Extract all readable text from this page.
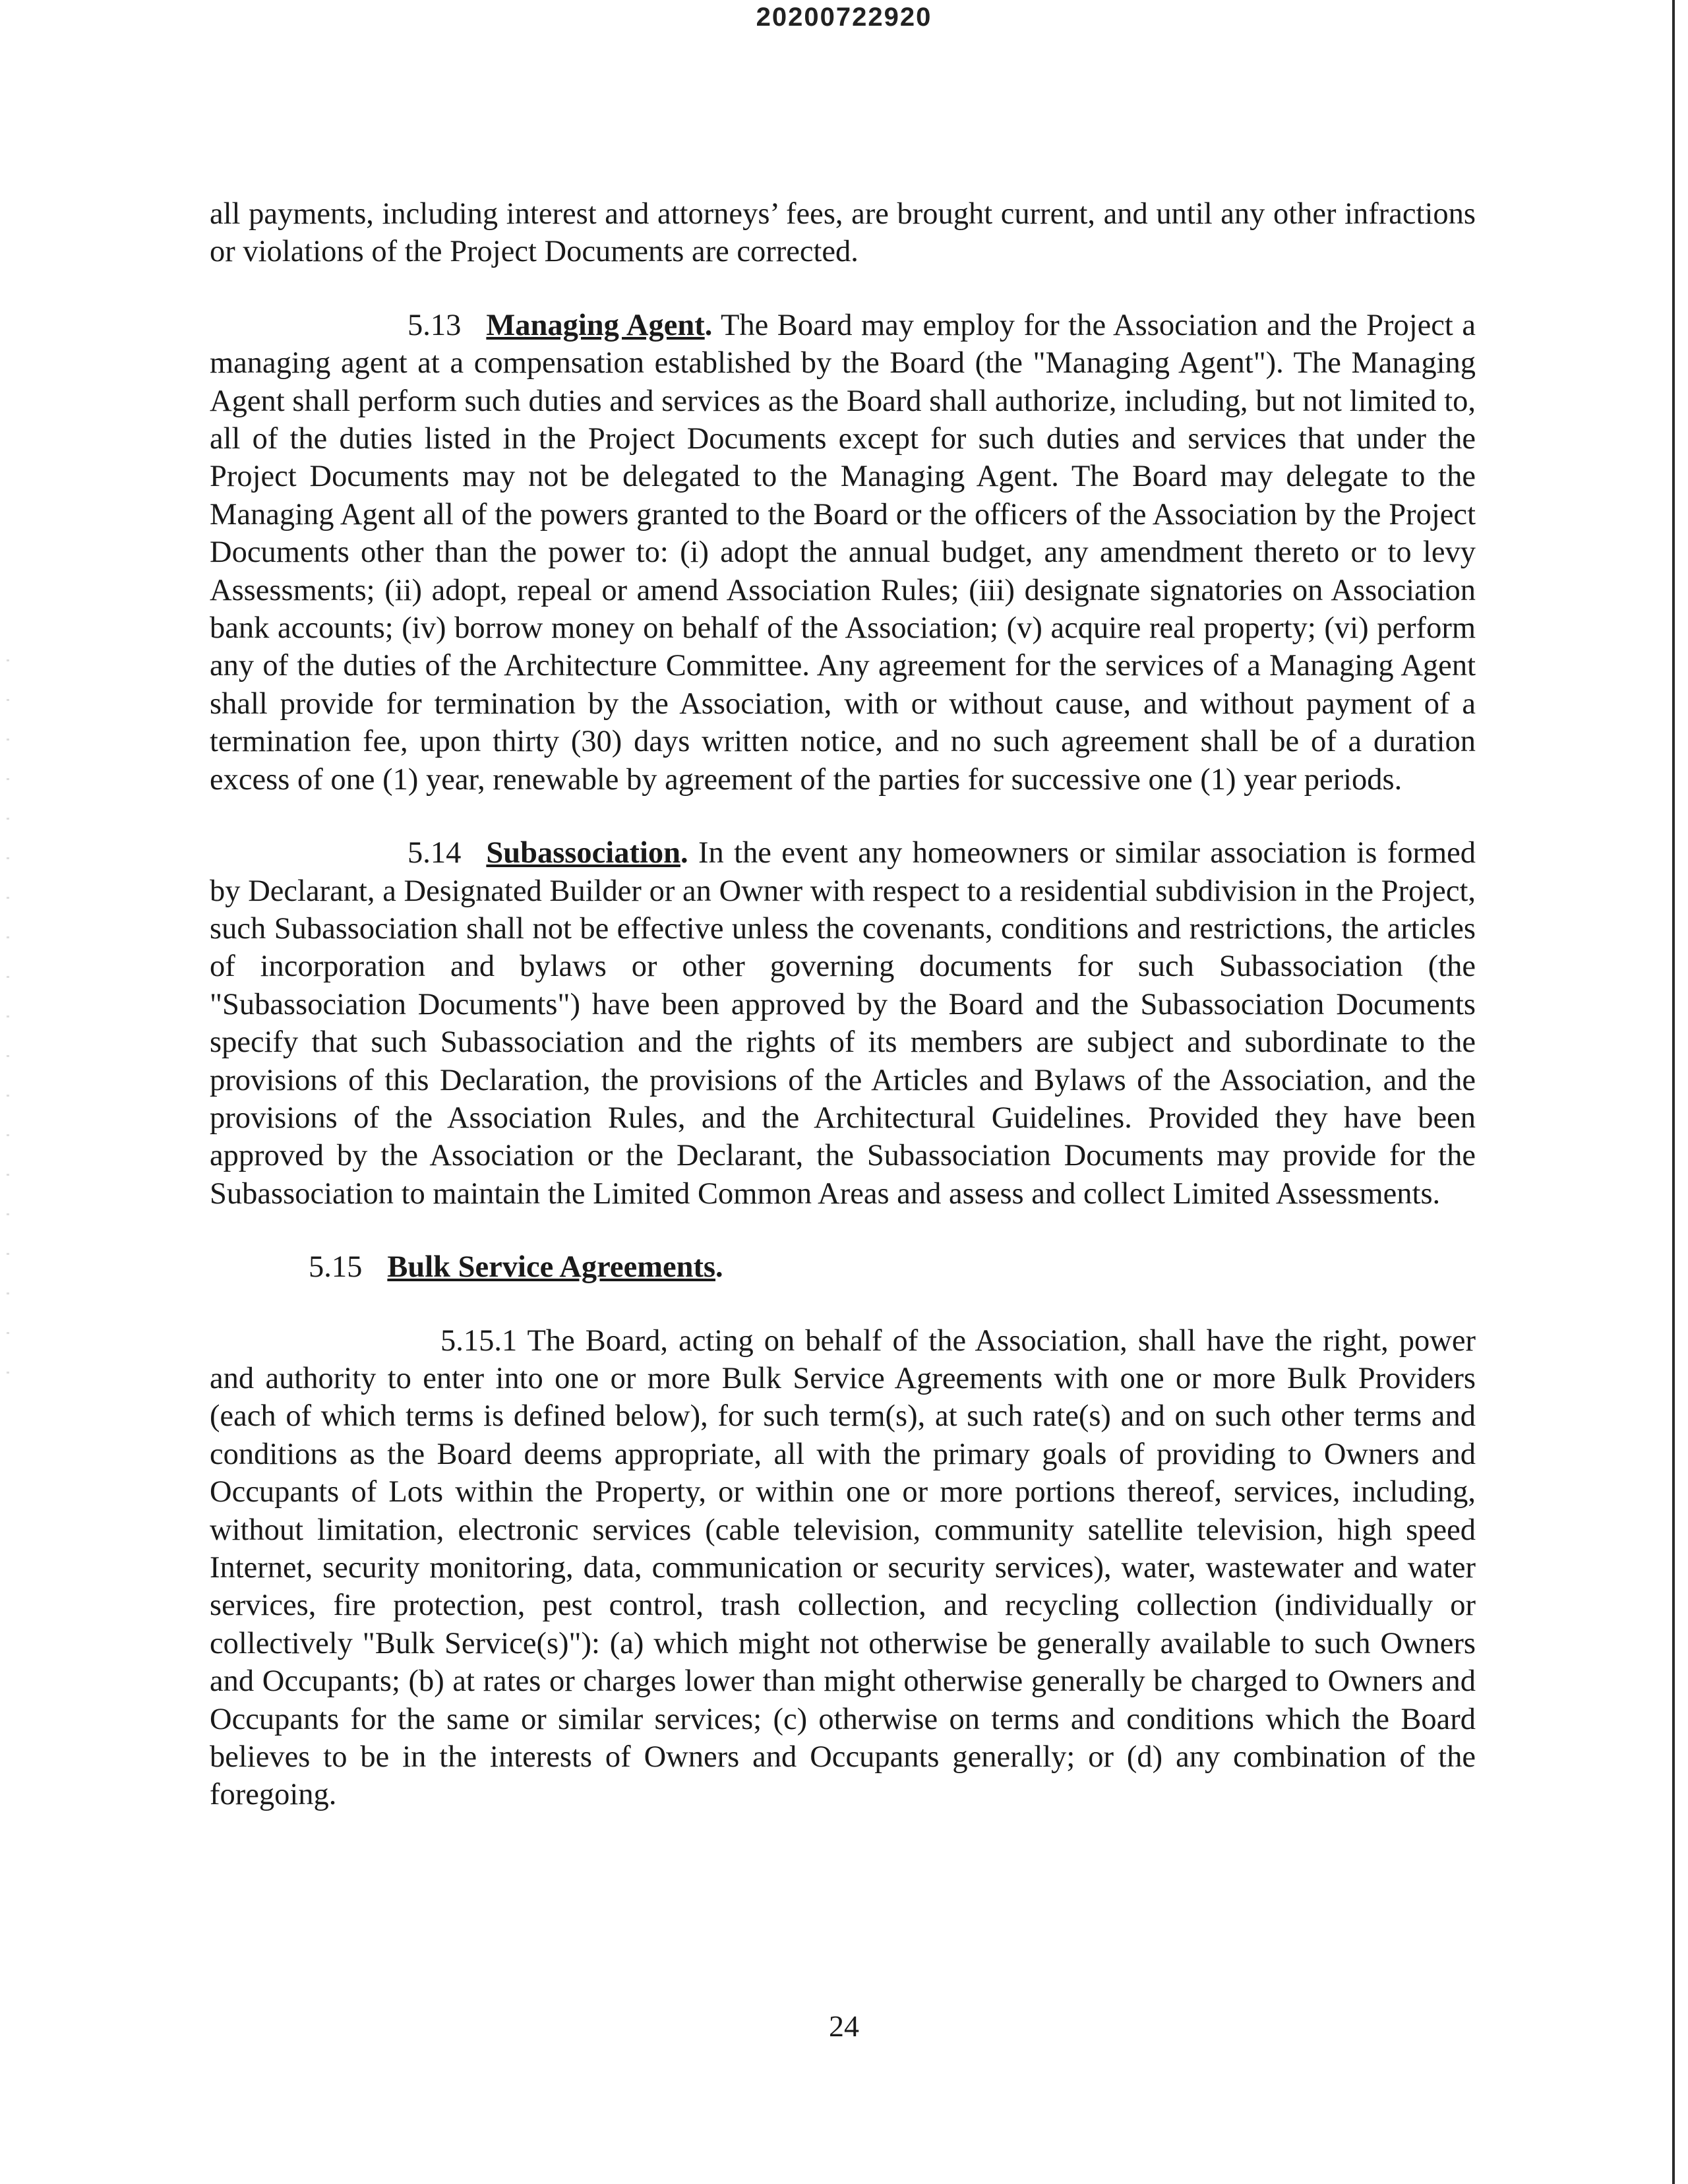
20200722920

all payments, including interest and attorneys’ fees, are brought current, and until any other infractions or violations of the Project Documents are corrected.

5.13 Managing Agent. The Board may employ for the Association and the Project a managing agent at a compensation established by the Board (the "Managing Agent"). The Managing Agent shall perform such duties and services as the Board shall authorize, including, but not limited to, all of the duties listed in the Project Documents except for such duties and services that under the Project Documents may not be delegated to the Managing Agent. The Board may delegate to the Managing Agent all of the powers granted to the Board or the officers of the Association by the Project Documents other than the power to: (i) adopt the annual budget, any amendment thereto or to levy Assessments; (ii) adopt, repeal or amend Association Rules; (iii) designate signatories on Association bank accounts; (iv) borrow money on behalf of the Association; (v) acquire real property; (vi) perform any of the duties of the Architecture Committee. Any agreement for the services of a Managing Agent shall provide for termination by the Association, with or without cause, and without payment of a termination fee, upon thirty (30) days written notice, and no such agreement shall be of a duration excess of one (1) year, renewable by agreement of the parties for successive one (1) year periods.

5.14 Subassociation. In the event any homeowners or similar association is formed by Declarant, a Designated Builder or an Owner with respect to a residential subdivision in the Project, such Subassociation shall not be effective unless the covenants, conditions and restrictions, the articles of incorporation and bylaws or other governing documents for such Subassociation (the "Subassociation Documents") have been approved by the Board and the Subassociation Documents specify that such Subassociation and the rights of its members are subject and subordinate to the provisions of this Declaration, the provisions of the Articles and Bylaws of the Association, and the provisions of the Association Rules, and the Architectural Guidelines. Provided they have been approved by the Association or the Declarant, the Subassociation Documents may provide for the Subassociation to maintain the Limited Common Areas and assess and collect Limited Assessments.

5.15 Bulk Service Agreements.

5.15.1 The Board, acting on behalf of the Association, shall have the right, power and authority to enter into one or more Bulk Service Agreements with one or more Bulk Providers (each of which terms is defined below), for such term(s), at such rate(s) and on such other terms and conditions as the Board deems appropriate, all with the primary goals of providing to Owners and Occupants of Lots within the Property, or within one or more portions thereof, services, including, without limitation, electronic services (cable television, community satellite television, high speed Internet, security monitoring, data, communication or security services), water, wastewater and water services, fire protection, pest control, trash collection, and recycling collection (individually or collectively "Bulk Service(s)"): (a) which might not otherwise be generally available to such Owners and Occupants; (b) at rates or charges lower than might otherwise generally be charged to Owners and Occupants for the same or similar services; (c) otherwise on terms and conditions which the Board believes to be in the interests of Owners and Occupants generally; or (d) any combination of the foregoing.

24
